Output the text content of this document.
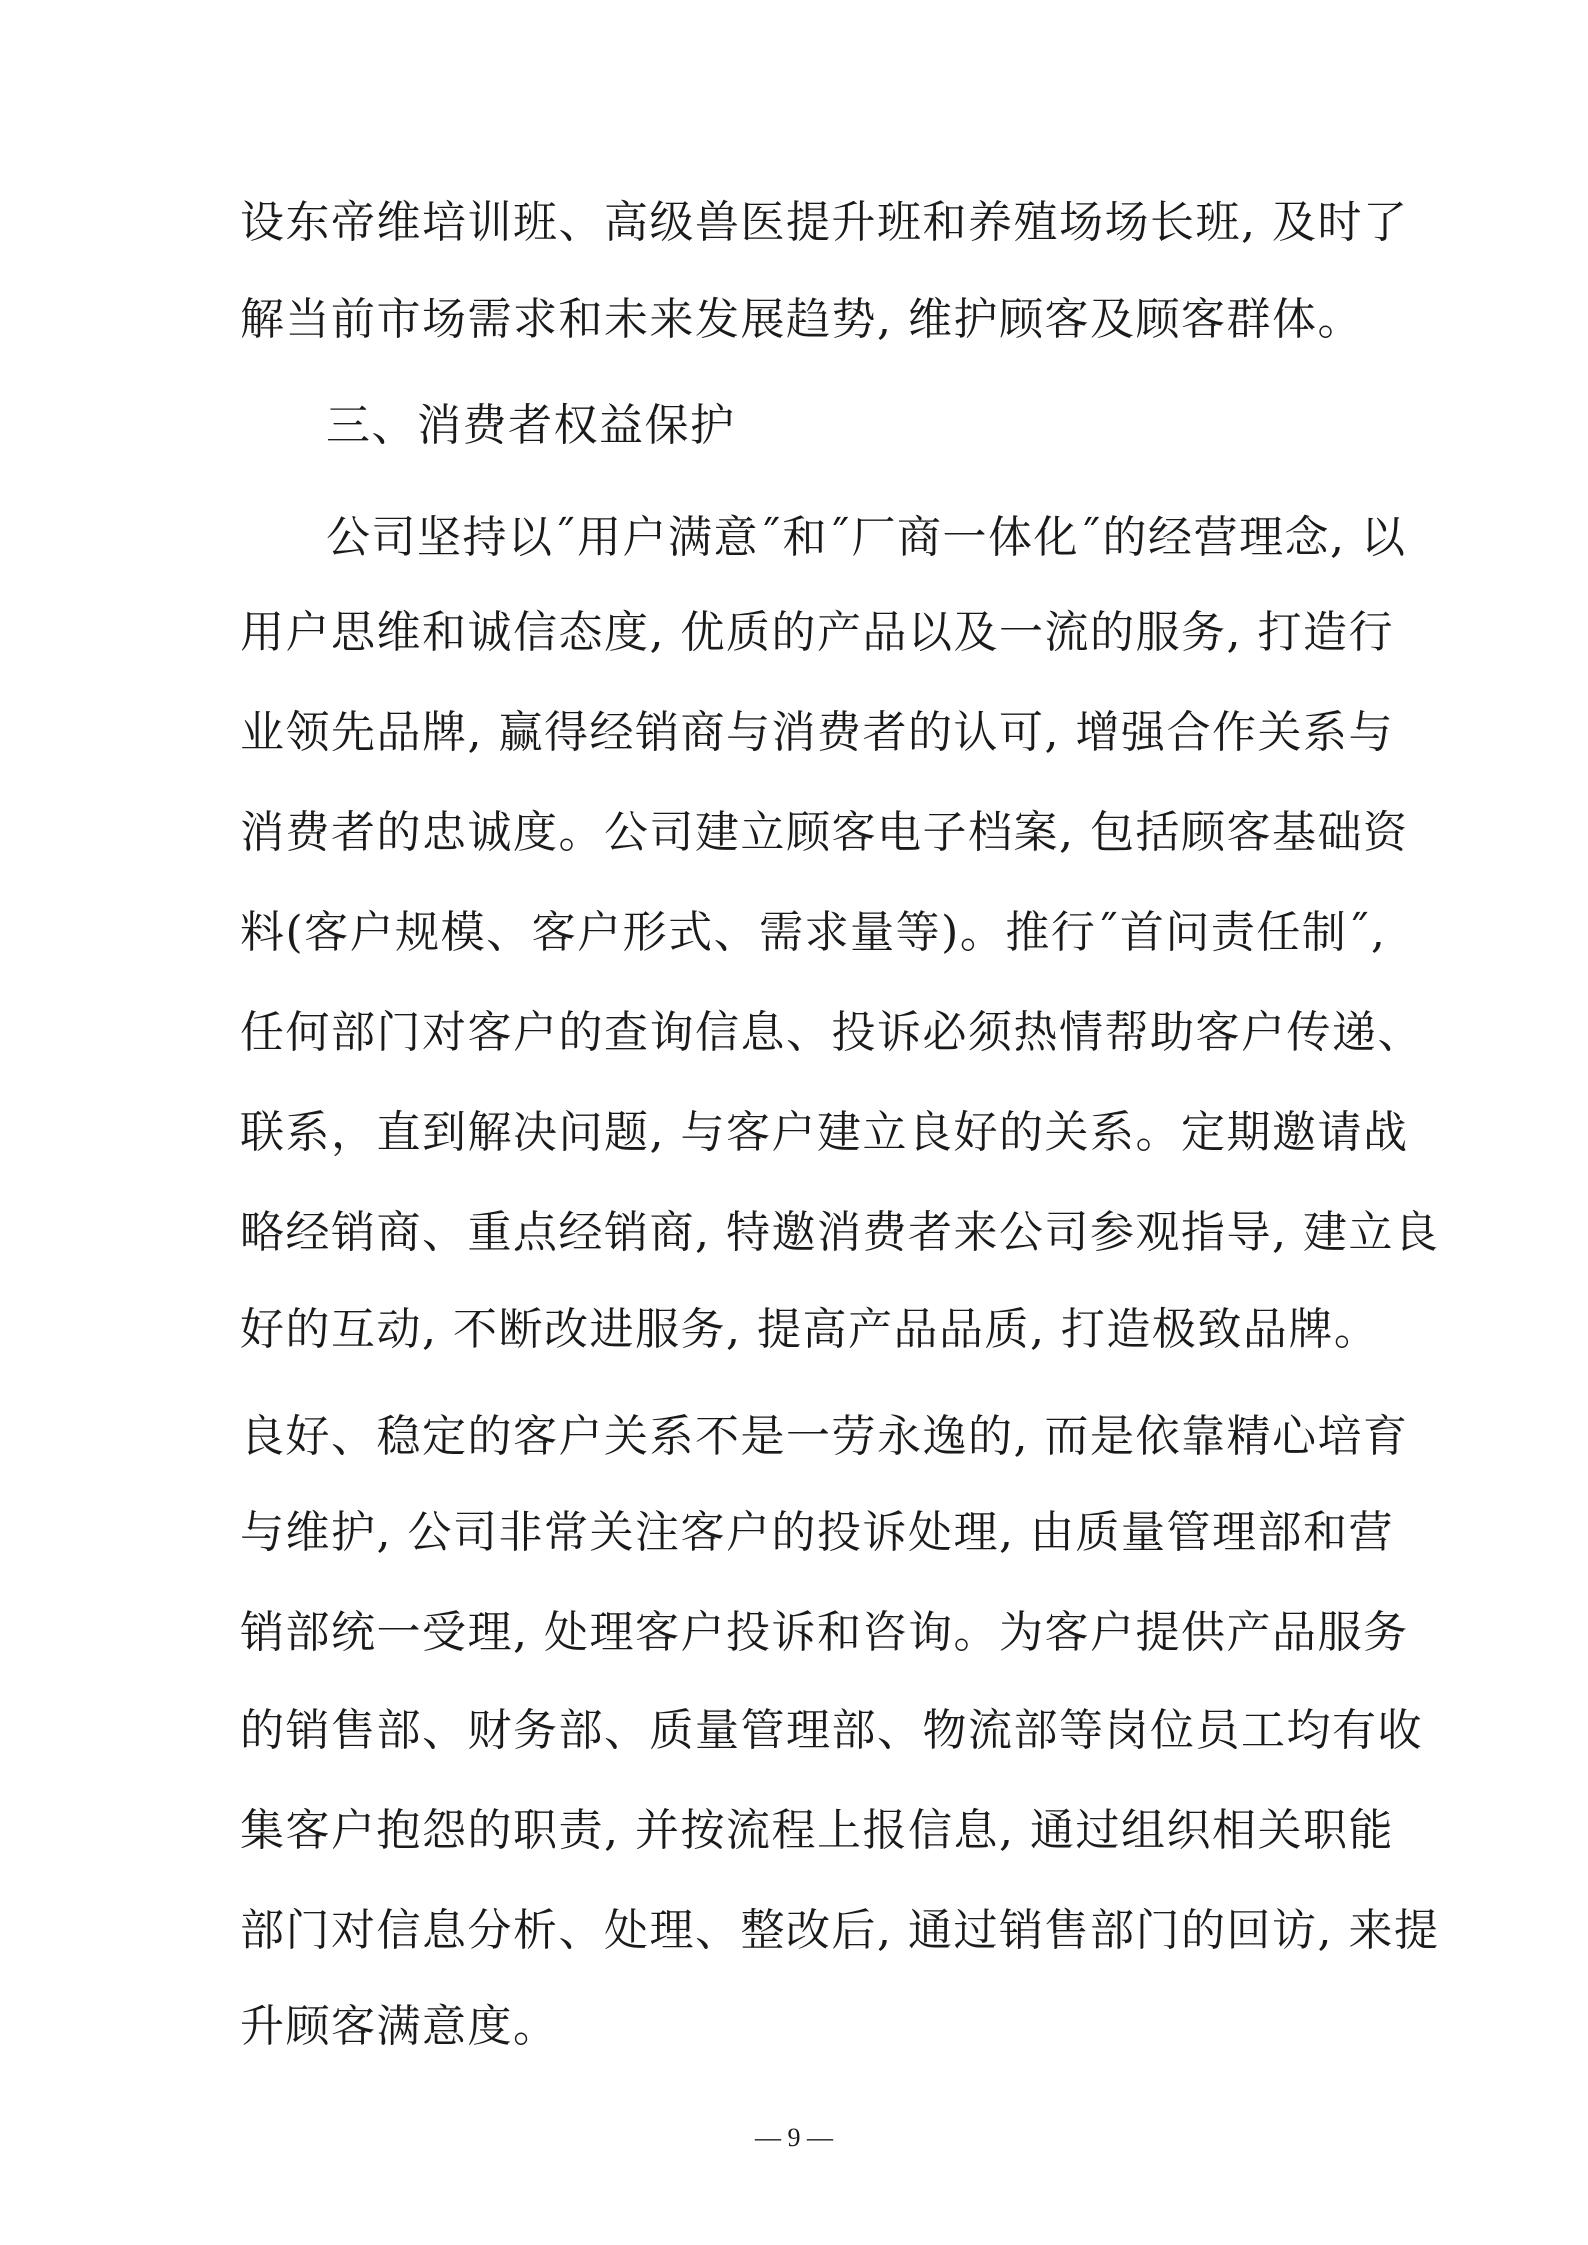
设东帝维培训班、高级兽医提升班和养殖场场长班, 及时了

解当前市场需求和未来发展趋势, 维护顾客及顾客群体。

三、消费者权益保护

公司坚持以˝用户满意˝和˝厂商一体化˝的经营理念, 以

用户思维和诚信态度, 优质的产品以及一流的服务, 打造行

业领先品牌, 赢得经销商与消费者的认可, 增强合作关系与

消费者的忠诚度。公司建立顾客电子档案, 包括顾客基础资

料(客户规模、客户形式、需求量等)。推行˝首问责任制˝,

任何部门对客户的查询信息、投诉必须热情帮助客户传递、

联系，直到解决问题, 与客户建立良好的关系。定期邀请战

略经销商、重点经销商, 特邀消费者来公司参观指导, 建立良

好的互动, 不断改进服务, 提高产品品质, 打造极致品牌。

良好、稳定的客户关系不是一劳永逸的, 而是依靠精心培育

与维护, 公司非常关注客户的投诉处理, 由质量管理部和营

销部统一受理, 处理客户投诉和咨询。为客户提供产品服务

的销售部、财务部、质量管理部、物流部等岗位员工均有收

集客户抱怨的职责, 并按流程上报信息, 通过组织相关职能

部门对信息分析、处理、整改后, 通过销售部门的回访, 来提

升顾客满意度。

— 9 —
